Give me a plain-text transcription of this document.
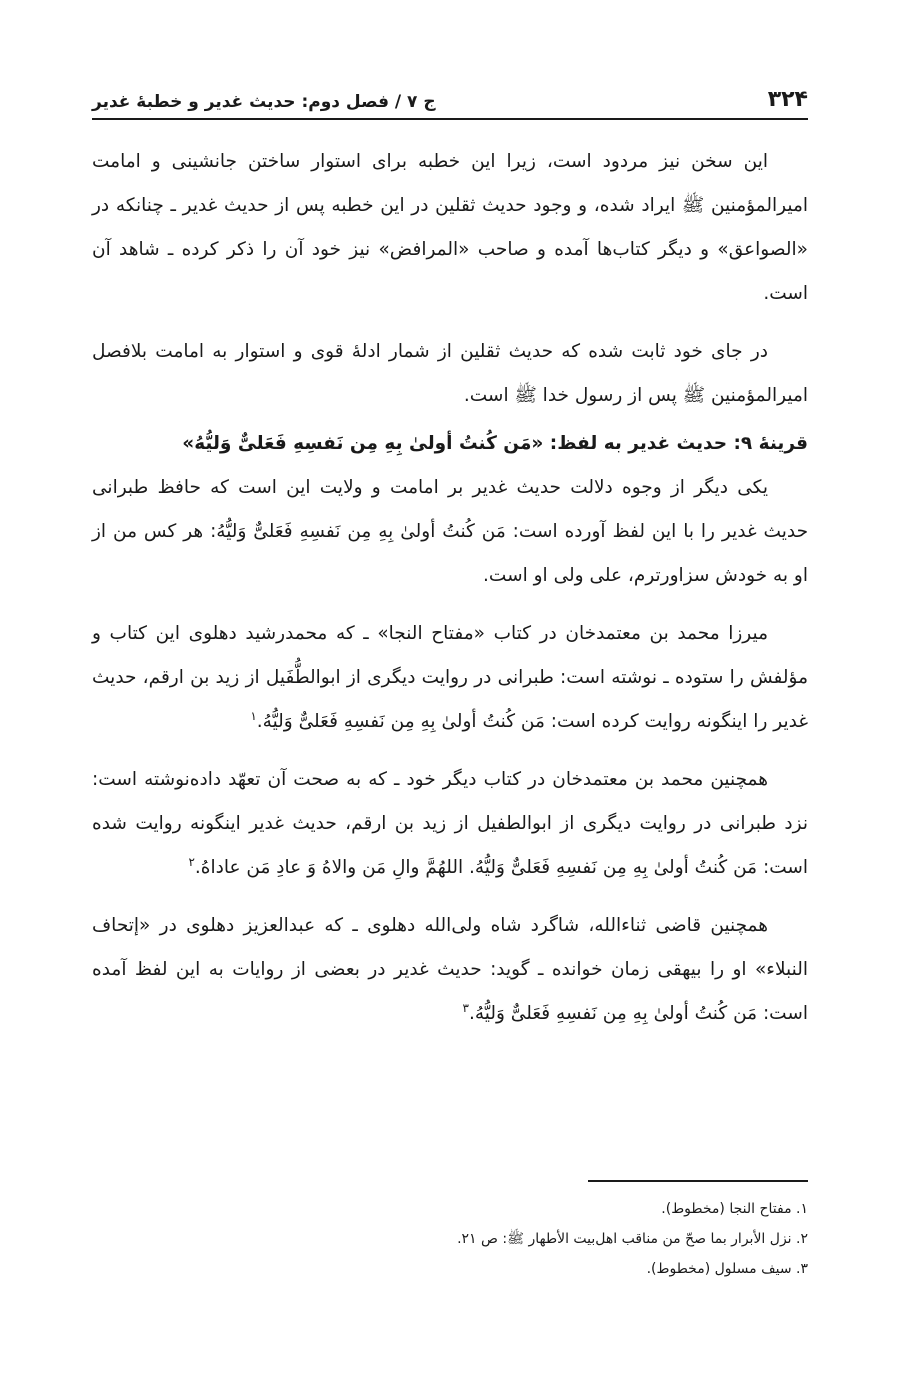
۳۲۴
ج ۷ / فصل دوم: حدیث غدیر و خطبهٔ غدیر

این سخن نیز مردود است، زیرا این خطبه برای استوار ساختن جانشینی و امامت امیرالمؤمنین ﷺ ایراد شده، و وجود حدیث ثقلین در این خطبه پس از حدیث غدیر ـ چنانکه در «الصواعق» و دیگر کتاب‌ها آمده و صاحب «المرافض» نیز خود آن را ذکر کرده ـ شاهد آن است.

در جای خود ثابت شده که حدیث ثقلین از شمار ادلهٔ قوی و استوار به امامت بلافصل امیرالمؤمنین ﷺ پس از رسول خدا ﷺ است.

قرینهٔ ۹: حدیث غدیر به لفظ: «مَن کُنتُ أولیٰ بِهِ مِن نَفسِهِ فَعَلیٌّ وَلیُّهُ»

یکی دیگر از وجوه دلالت حدیث غدیر بر امامت و ولایت این است که حافظ طبرانی حدیث غدیر را با این لفظ آورده است: مَن کُنتُ أولیٰ بِهِ مِن نَفسِهِ فَعَلیٌّ وَلیُّهُ: هر کس من از او به خودش سزاورترم، علی ولی او است.

میرزا محمد بن معتمدخان در کتاب «مفتاح النجا» ـ که محمدرشید دهلوی این کتاب و مؤلفش را ستوده ـ نوشته است: طبرانی در روایت دیگری از ابوالطُّفَیل از زید بن ارقم، حدیث غدیر را اینگونه روایت کرده است: مَن کُنتُ أولیٰ بِهِ مِن نَفسِهِ فَعَلیٌّ وَلیُّهُ.$^۱$

همچنین محمد بن معتمدخان در کتاب دیگر خود ـ که به صحت آن تعهّد داده‌نوشته است: نزد طبرانی در روایت دیگری از ابوالطفیل از زید بن ارقم، حدیث غدیر اینگونه روایت شده است: مَن کُنتُ أولیٰ بِهِ مِن نَفسِهِ فَعَلیٌّ وَلیُّهُ. اللهُمَّ والِ مَن والاهُ وَ عادِ مَن عاداهُ.$^۲$

همچنین قاضی ثناءالله، شاگرد شاه ولی‌الله دهلوی ـ که عبدالعزیز دهلوی در «إتحاف النبلاء» او را بیهقی زمان خوانده ـ گوید: حدیث غدیر در بعضی از روایات به این لفظ آمده است: مَن کُنتُ أولیٰ بِهِ مِن نَفسِهِ فَعَلیٌّ وَلیُّهُ.$^۳$

۱. مفتاح النجا (مخطوط).

۲. نزل الأبرار بما صحّ من مناقب اهل‌بیت الأطهار ﷺ: ص ۲۱.

۳. سیف مسلول (مخطوط).
